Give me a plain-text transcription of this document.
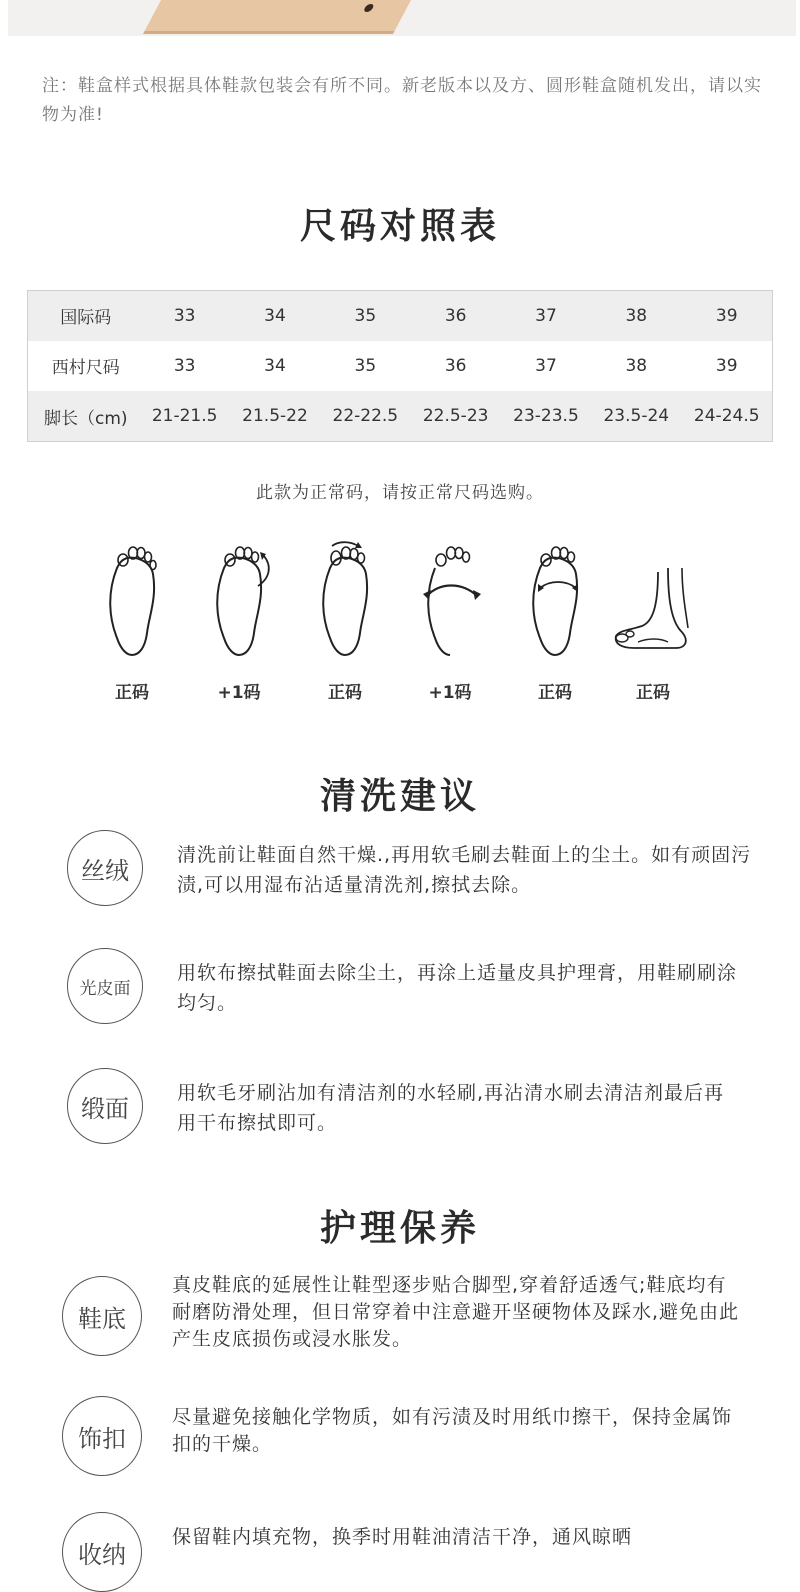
注：鞋盒样式根据具体鞋款包装会有所不同。新老版本以及方、圆形鞋盒随机发出，请以实物为准!
尺码对照表
国际码	33	34	35	36	37	38	39
西村尺码	33	34	35	36	37	38	39
脚长（cm)	21-21.5	21.5-22	22-22.5	22.5-23	23-23.5	23.5-24	24-24.5
此款为正常码，请按正常尺码选购。
正码	+1码	正码	+1码	正码	正码
清洗建议
丝绒
清洗前让鞋面自然干燥.,再用软毛刷去鞋面上的尘土。如有顽固污渍,可以用湿布沾适量清洗剂,擦拭去除。
光皮面
用软布擦拭鞋面去除尘土，再涂上适量皮具护理膏，用鞋刷刷涂均匀。
缎面
用软毛牙刷沾加有清洁剂的水轻刷,再沾清水刷去清洁剂最后再用干布擦拭即可。
护理保养
鞋底
真皮鞋底的延展性让鞋型逐步贴合脚型,穿着舒适透气;鞋底均有耐磨防滑处理，但日常穿着中注意避开坚硬物体及踩水,避免由此产生皮底损伤或浸水胀发。
饰扣
尽量避免接触化学物质，如有污渍及时用纸巾擦干，保持金属饰扣的干燥。
收纳
保留鞋内填充物，换季时用鞋油清洁干净，通风晾晒
